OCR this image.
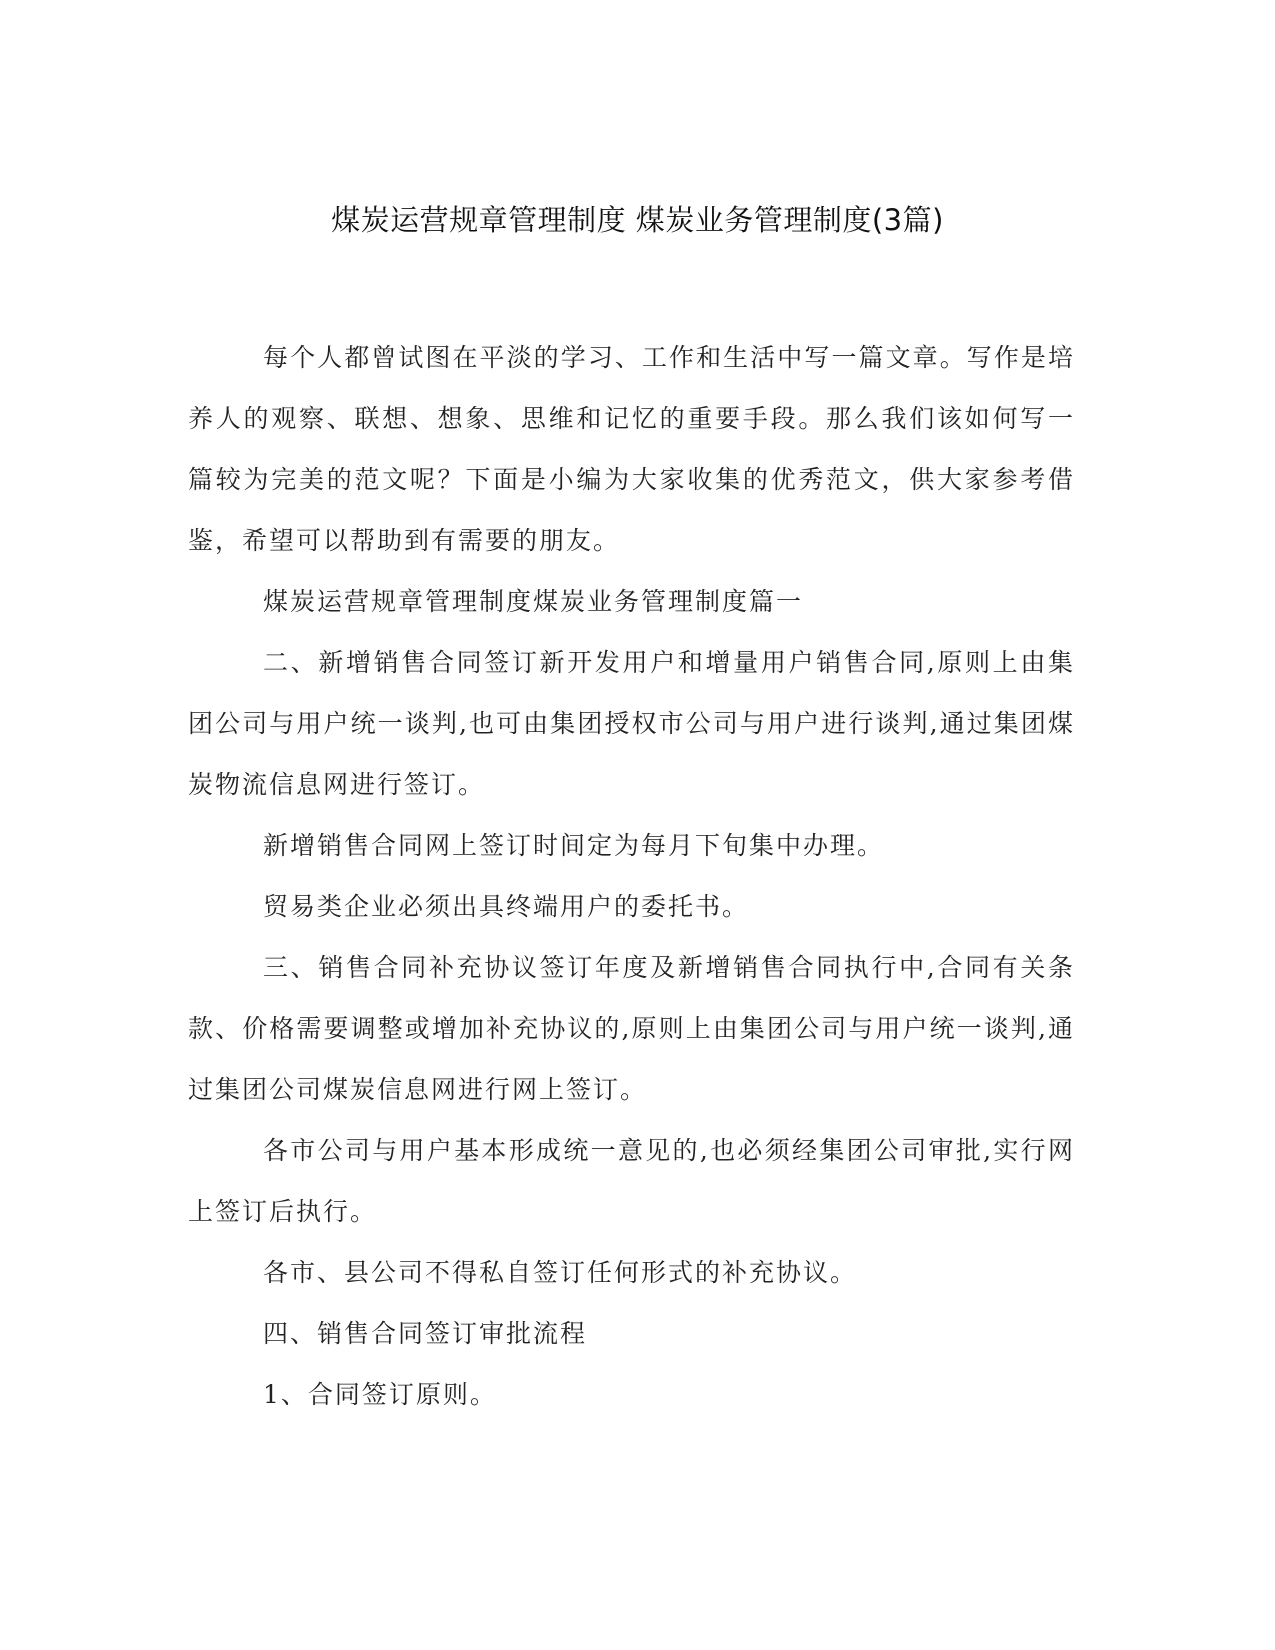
煤炭运营规章管理制度 煤炭业务管理制度(3篇)

每个人都曾试图在平淡的学习、工作和生活中写一篇文章。写作是培养人的观察、联想、想象、思维和记忆的重要手段。那么我们该如何写一篇较为完美的范文呢？下面是小编为大家收集的优秀范文，供大家参考借鉴，希望可以帮助到有需要的朋友。

煤炭运营规章管理制度煤炭业务管理制度篇一

二、新增销售合同签订新开发用户和增量用户销售合同,原则上由集团公司与用户统一谈判,也可由集团授权市公司与用户进行谈判,通过集团煤炭物流信息网进行签订。

新增销售合同网上签订时间定为每月下旬集中办理。

贸易类企业必须出具终端用户的委托书。

三、销售合同补充协议签订年度及新增销售合同执行中,合同有关条款、价格需要调整或增加补充协议的,原则上由集团公司与用户统一谈判,通过集团公司煤炭信息网进行网上签订。

各市公司与用户基本形成统一意见的,也必须经集团公司审批,实行网上签订后执行。

各市、县公司不得私自签订任何形式的补充协议。

四、销售合同签订审批流程

1、合同签订原则。
